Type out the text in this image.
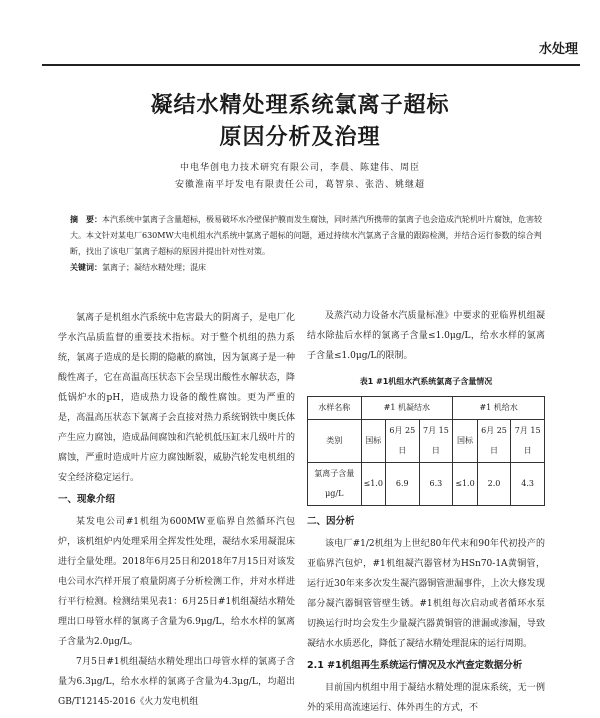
水处理
凝结水精处理系统氯离子超标
原因分析及治理
中电华创电力技术研究有限公司，李晨、陈建伟、周臣
安徽淮南平圩发电有限责任公司，葛智泉、张浩、姚继超
摘　要：本汽系统中氯离子含量超标，极易破坏水冷壁保护膜而发生腐蚀，同时蒸汽所携带的氯离子也会造成汽轮机叶片腐蚀，危害较大。本文针对某电厂630MW大电机组水汽系统中氯离子超标的问题，通过持续水汽氯离子含量的跟踪检测，并结合运行参数的综合判断，找出了该电厂氯离子超标的原因并提出针对性对策。
关键词：氯离子；凝结水精处理；混床

氯离子是机组水汽系统中危害最大的阴离子，是电厂化学水汽品质监督的重要技术指标。对于整个机组的热力系统，氯离子造成的是长期的隐蔽的腐蚀，因为氯离子是一种酸性离子，它在高温高压状态下会呈现出酸性水解状态，降低锅炉水的pH，造成热力设备的酸性腐蚀。更为严重的是，高温高压状态下氯离子会直接对热力系统钢铁中奥氏体产生应力腐蚀，造成晶间腐蚀和汽轮机低压缸末几级叶片的腐蚀，严重时造成叶片应力腐蚀断裂，威胁汽轮发电机组的安全经济稳定运行。

一、现象介绍

某发电公司#1机组为600MW亚临界自然循环汽包炉，该机组炉内处理采用全挥发性处理，凝结水采用凝混床进行全量处理。2018年6月25日和2018年7月15日对该发电公司水汽样开展了痕量阴离子分析检测工作，并对水样进行平行检测。检测结果见表1：6月25日#1机组凝结水精处理出口母管水样的氯离子含量为6.9μg/L，给水水样的氯离子含量为2.0μg/L。

7月5日#1机组凝结水精处理出口母管水样的氯离子含量为6.3μg/L，给水水样的氯离子含量为4.3μg/L，均超出GB/T12145-2016《火力发电机组

及蒸汽动力设备水汽质量标准》中要求的亚临界机组凝结水除盐后水样的氯离子含量≤1.0μg/L，给水水样的氯离子含量≤1.0μg/L的限制。

表1 #1机组水汽系统氯离子含量情况
水样名称	#1 机凝结水			#1 机给水		
类别	国标	6月 25日	7月 15日	国标	6月 25日	7月 15日
氯离子含量μg/L	≤1.0	6.9	6.3	≤1.0	2.0	4.3
二、因分析

该电厂#1/2机组为上世纪80年代末和90年代初投产的亚临界汽包炉，#1机组凝汽器管材为HSn70-1A黄铜管，运行近30年来多次发生凝汽器铜管泄漏事件，上次大修发现部分凝汽器铜管管壁生锈。#1机组每次启动或者循环水泵切换运行时均会发生少量凝汽器黄铜管的泄漏或渗漏，导致凝结水水质恶化，降低了凝结水精处理混床的运行周期。

2.1 #1机组再生系统运行情况及水汽查定数据分析

目前国内机组中用于凝结水精处理的混床系统，无一例外的采用高流速运行、体外再生的方式，不
